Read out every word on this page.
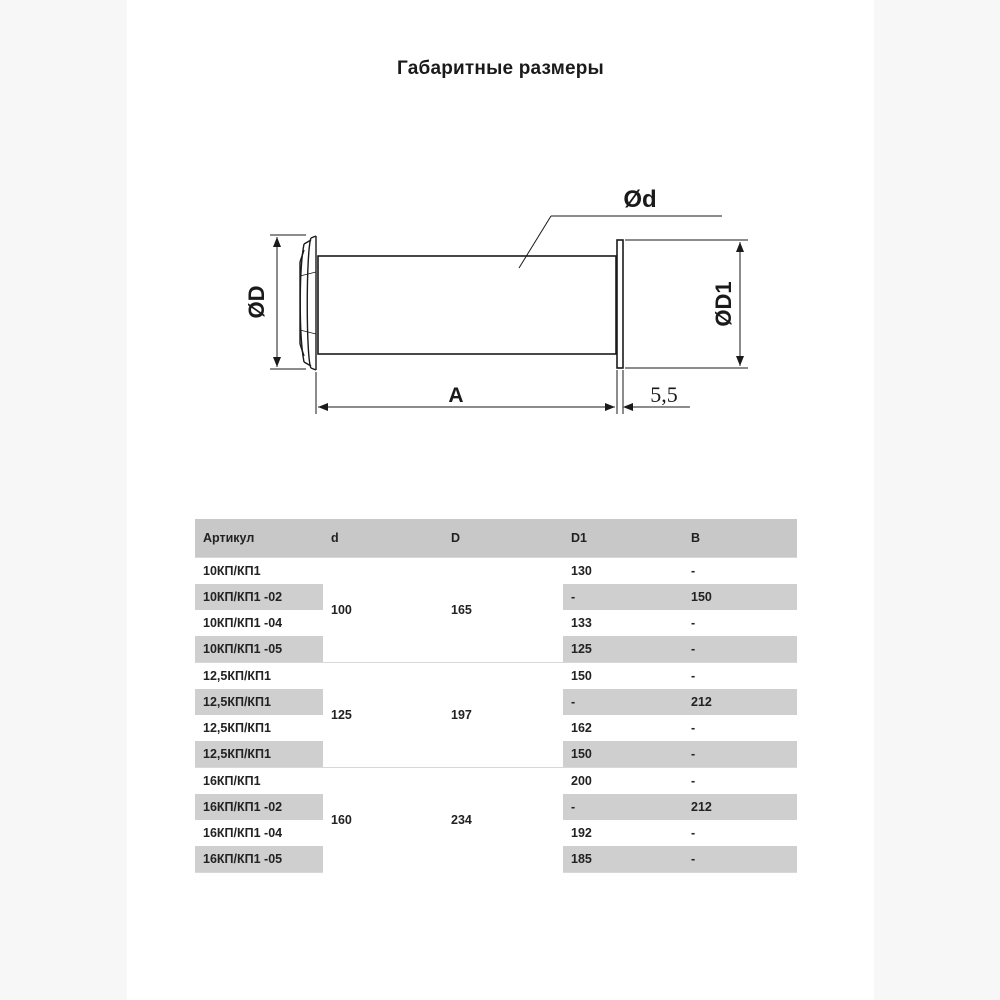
Габаритные размеры
ØD	ØD1
Ød
A	5,5
Артикул	d	D	D1	B
10КП/КП1	100	165	130	-
10КП/КП1 -02			-	150
10КП/КП1 -04			133	-
10КП/КП1 -05			125	-
12,5КП/КП1	125	197	150	-
12,5КП/КП1			-	212
12,5КП/КП1			162	-
12,5КП/КП1			150	-
16КП/КП1	160	234	200	-
16КП/КП1 -02			-	212
16КП/КП1 -04			192	-
16КП/КП1 -05			185	-
